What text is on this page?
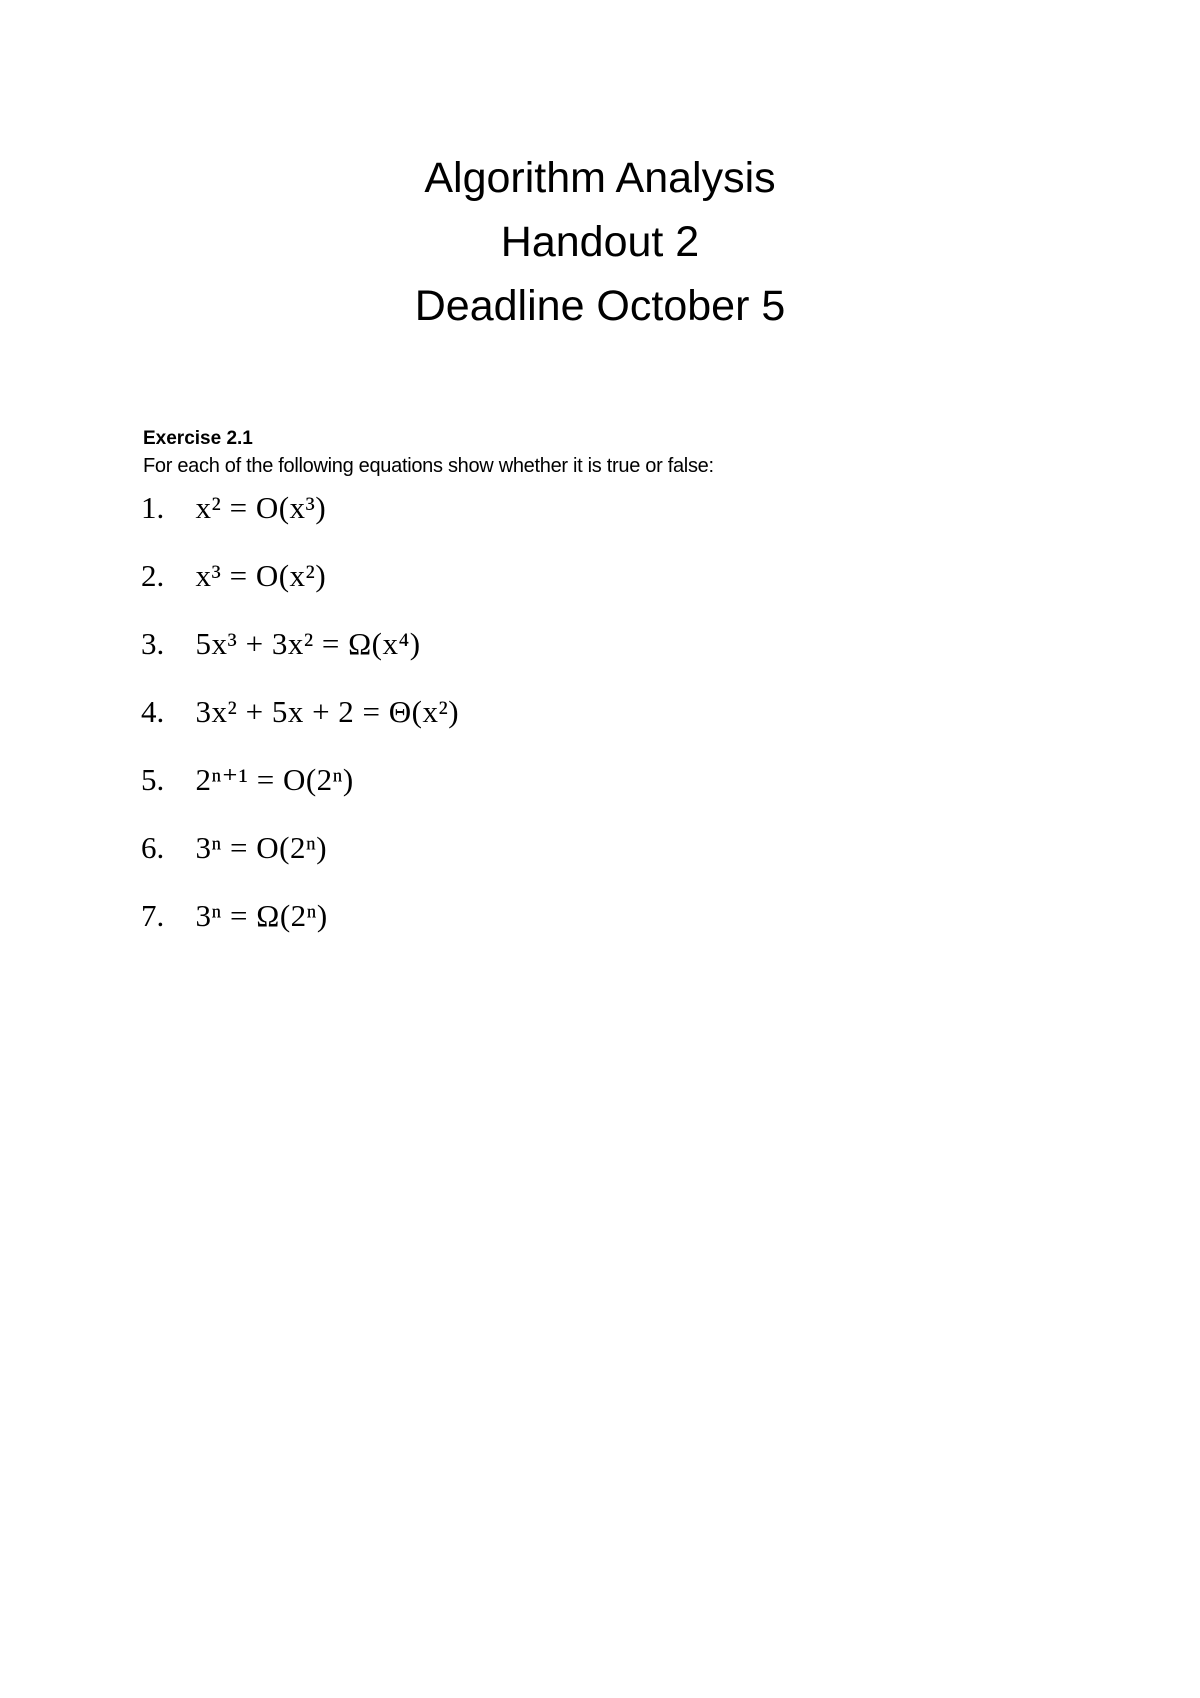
Algorithm Analysis
Handout 2
Deadline October 5
Exercise 2.1
For each of the following equations show whether it is true or false:
1. x² = O(x³)
2. x³ = O(x²)
3. 5x³ + 3x² = Ω(x⁴)
4. 3x² + 5x + 2 = Θ(x²)
5. 2ⁿ⁺¹ = O(2ⁿ)
6. 3ⁿ = O(2ⁿ)
7. 3ⁿ = Ω(2ⁿ)
